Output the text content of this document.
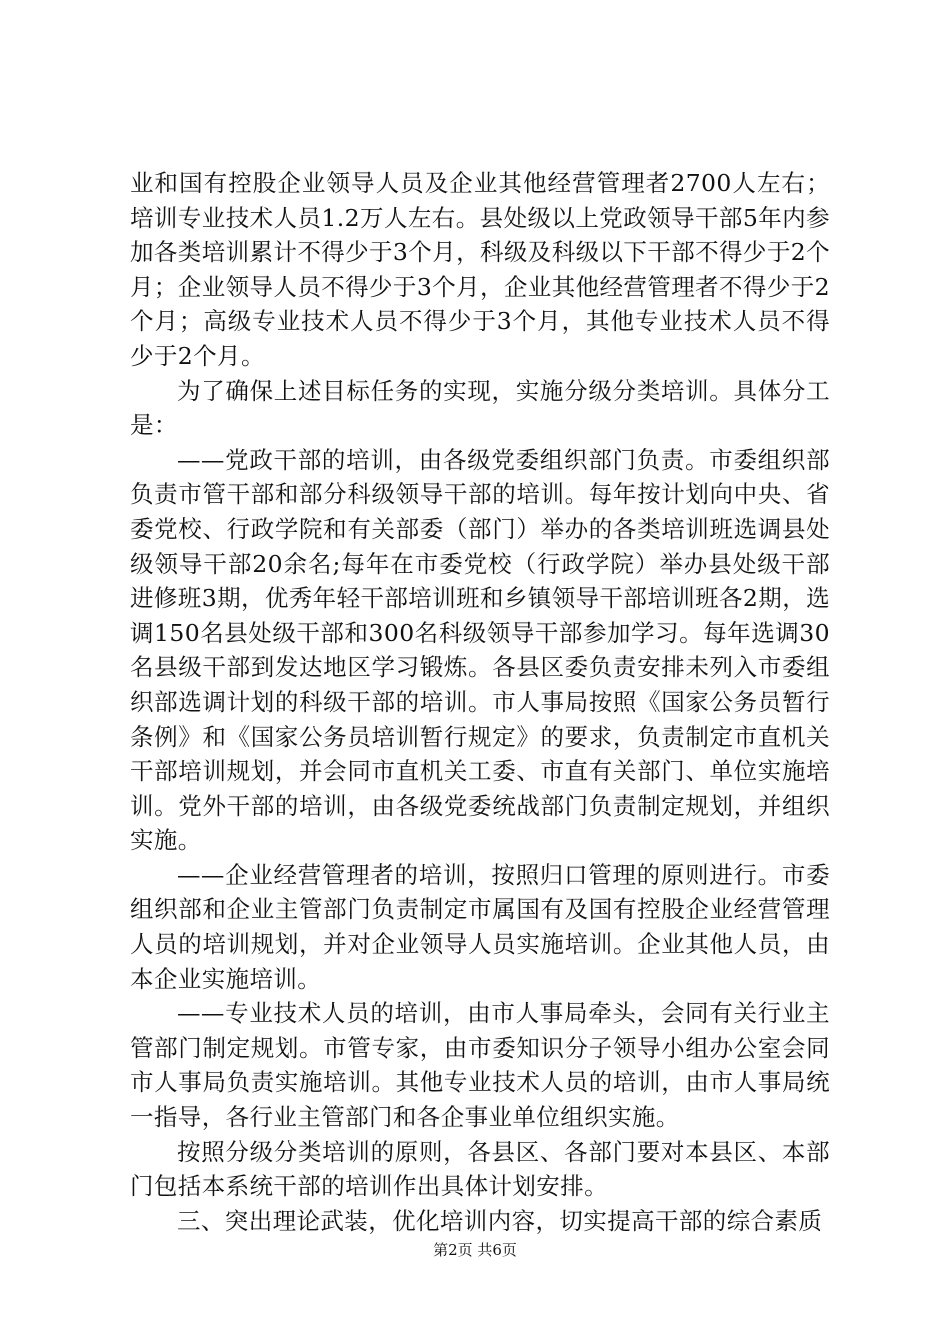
业和国有控股企业领导人员及企业其他经营管理者2700人左右；培训专业技术人员1.2万人左右。县处级以上党政领导干部5年内参加各类培训累计不得少于3个月，科级及科级以下干部不得少于2个月；企业领导人员不得少于3个月，企业其他经营管理者不得少于2个月；高级专业技术人员不得少于3个月，其他专业技术人员不得少于2个月。

为了确保上述目标任务的实现，实施分级分类培训。具体分工是：

——党政干部的培训，由各级党委组织部门负责。市委组织部负责市管干部和部分科级领导干部的培训。每年按计划向中央、省委党校、行政学院和有关部委（部门）举办的各类培训班选调县处级领导干部20余名;每年在市委党校（行政学院）举办县处级干部进修班3期，优秀年轻干部培训班和乡镇领导干部培训班各2期，选调150名县处级干部和300名科级领导干部参加学习。每年选调30名县级干部到发达地区学习锻炼。各县区委负责安排未列入市委组织部选调计划的科级干部的培训。市人事局按照《国家公务员暂行条例》和《国家公务员培训暂行规定》的要求，负责制定市直机关干部培训规划，并会同市直机关工委、市直有关部门、单位实施培训。党外干部的培训，由各级党委统战部门负责制定规划，并组织实施。

——企业经营管理者的培训，按照归口管理的原则进行。市委组织部和企业主管部门负责制定市属国有及国有控股企业经营管理人员的培训规划，并对企业领导人员实施培训。企业其他人员，由本企业实施培训。

——专业技术人员的培训，由市人事局牵头，会同有关行业主管部门制定规划。市管专家，由市委知识分子领导小组办公室会同市人事局负责实施培训。其他专业技术人员的培训，由市人事局统一指导，各行业主管部门和各企事业单位组织实施。

按照分级分类培训的原则，各县区、各部门要对本县区、本部门包括本系统干部的培训作出具体计划安排。

三、突出理论武装，优化培训内容，切实提高干部的综合素质

第2页 共6页
